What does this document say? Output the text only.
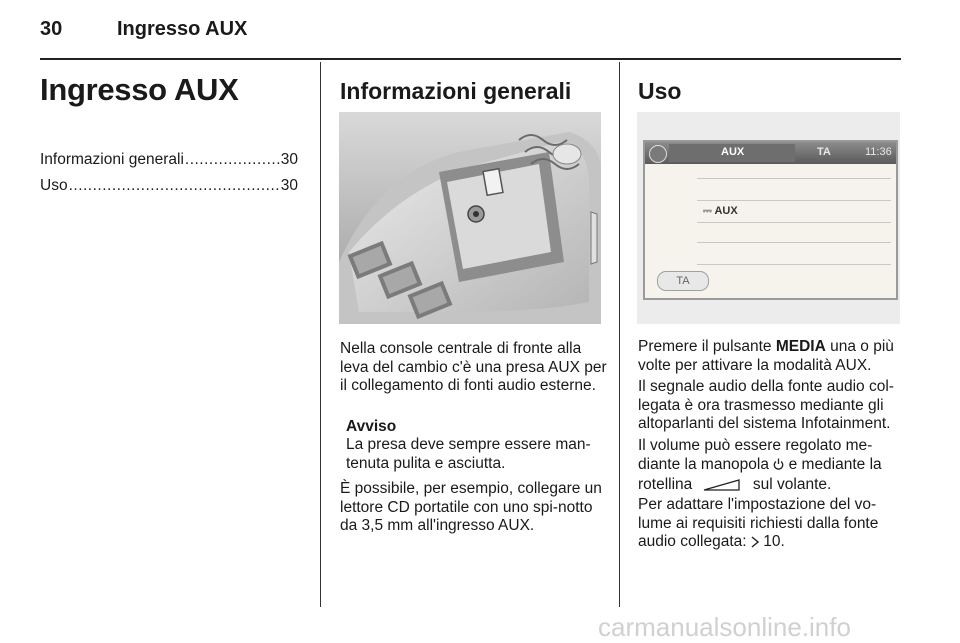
30	Ingresso AUX
Ingresso AUX
Informazioni generali .....	30
Uso .....	30
Informazioni generali
Nella console centrale di fronte alla leva del cambio c'è una presa AUX per il collegamento di fonti audio esterne.
Avviso
La presa deve sempre essere man-tenuta pulita e asciutta.
È possibile, per esempio, collegare un lettore CD portatile con uno spi-notto da 3,5 mm all'ingresso AUX.
Uso
AUX	TA	11:36
⎓ AUX
TA
Premere il pulsante MEDIA una o più volte per attivare la modalità AUX.
Il segnale audio della fonte audio col-legata è ora trasmesso mediante gli altoparlanti del sistema Infotainment.
Il volume può essere regolato me-diante la manopola  e mediante la rotellina	sul volante.
Per adattare l'impostazione del vo-lume ai requisiti richiesti dalla fonte audio collegata:  10.
carmanualsonline.info
